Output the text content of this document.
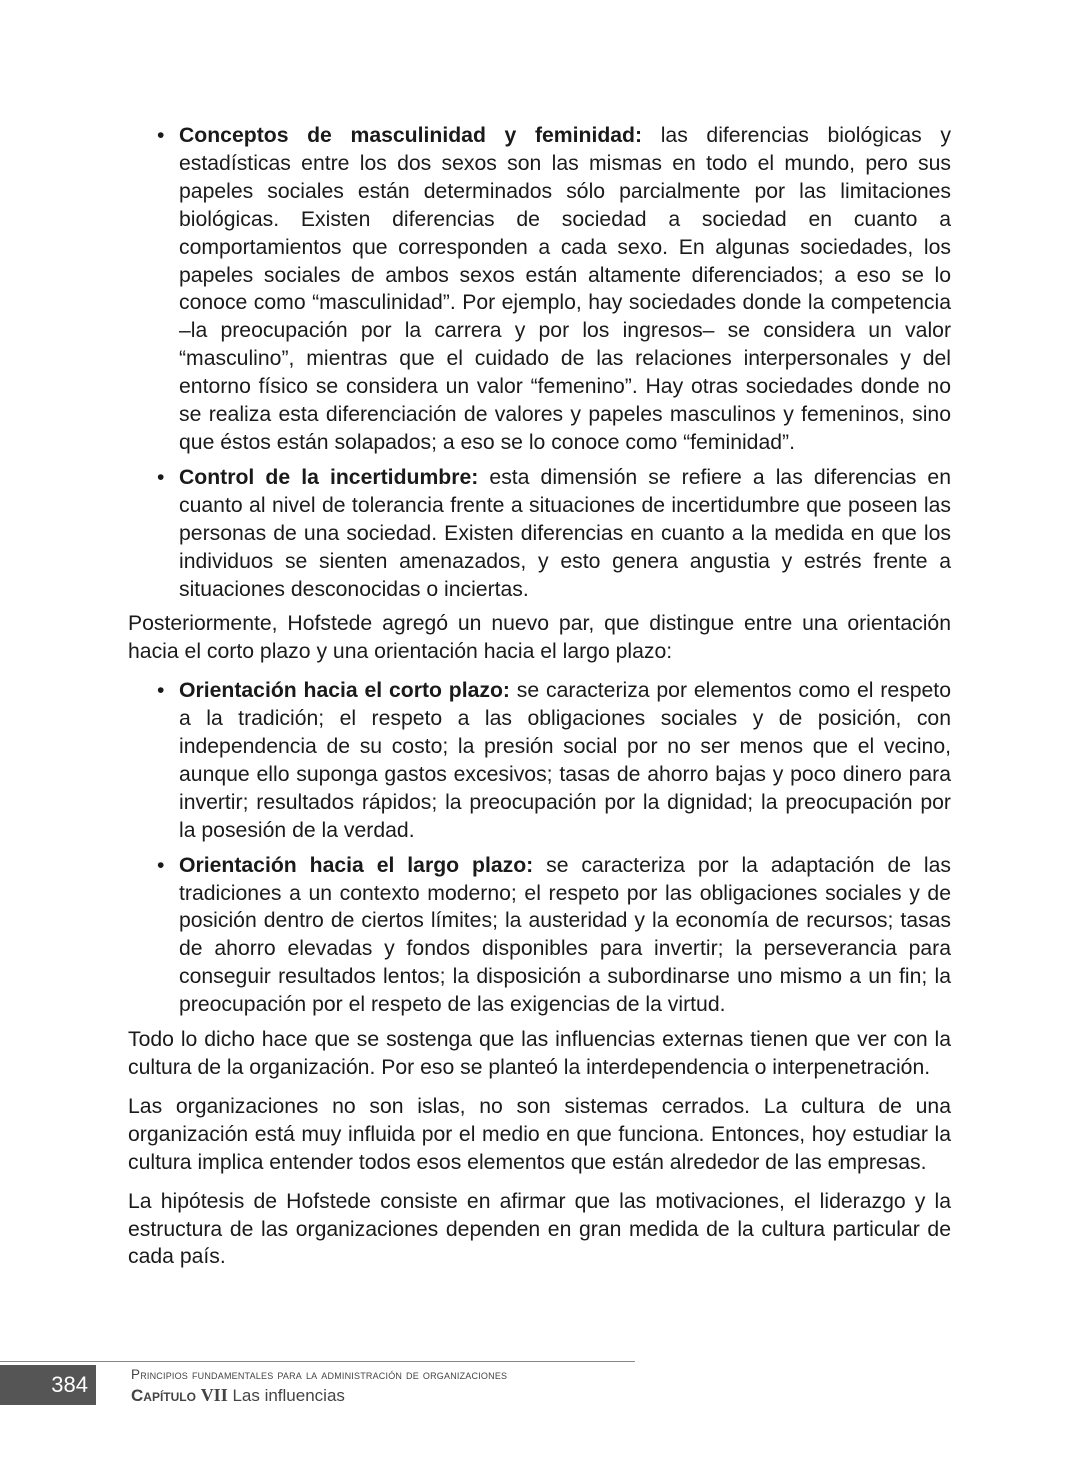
• Conceptos de masculinidad y feminidad: las diferencias biológicas y estadísticas entre los dos sexos son las mismas en todo el mundo, pero sus papeles sociales están determinados sólo parcialmente por las limitaciones biológicas. Existen diferencias de sociedad a sociedad en cuanto a comportamientos que corresponden a cada sexo. En algunas sociedades, los papeles sociales de ambos sexos están altamente diferenciados; a eso se lo conoce como “masculinidad”. Por ejemplo, hay sociedades donde la competencia –la preocupación por la carrera y por los ingresos– se considera un valor “masculino”, mientras que el cuidado de las relaciones interpersonales y del entorno físico se considera un valor “femenino”. Hay otras sociedades donde no se realiza esta diferenciación de valores y papeles masculinos y femeninos, sino que éstos están solapados; a eso se lo conoce como “feminidad”.
• Control de la incertidumbre: esta dimensión se refiere a las diferencias en cuanto al nivel de tolerancia frente a situaciones de incertidumbre que poseen las personas de una sociedad. Existen diferencias en cuanto a la medida en que los individuos se sienten amenazados, y esto genera angustia y estrés frente a situaciones desconocidas o inciertas.

Posteriormente, Hofstede agregó un nuevo par, que distingue entre una orientación hacia el corto plazo y una orientación hacia el largo plazo:

• Orientación hacia el corto plazo: se caracteriza por elementos como el respeto a la tradición; el respeto a las obligaciones sociales y de posición, con independencia de su costo; la presión social por no ser menos que el vecino, aunque ello suponga gastos excesivos; tasas de ahorro bajas y poco dinero para invertir; resultados rápidos; la preocupación por la dignidad; la preocupación por la posesión de la verdad.
• Orientación hacia el largo plazo: se caracteriza por la adaptación de las tradiciones a un contexto moderno; el respeto por las obligaciones sociales y de posición dentro de ciertos límites; la austeridad y la economía de recursos; tasas de ahorro elevadas y fondos disponibles para invertir; la perseverancia para conseguir resultados lentos; la disposición a subordinarse uno mismo a un fin; la preocupación por el respeto de las exigencias de la virtud.

Todo lo dicho hace que se sostenga que las influencias externas tienen que ver con la cultura de la organización. Por eso se planteó la interdependencia o interpenetración.

Las organizaciones no son islas, no son sistemas cerrados. La cultura de una organización está muy influida por el medio en que funciona. Entonces, hoy estudiar la cultura implica entender todos esos elementos que están alrededor de las empresas.

La hipótesis de Hofstede consiste en afirmar que las motivaciones, el liderazgo y la estructura de las organizaciones dependen en gran medida de la cultura particular de cada país.

384	Principios fundamentales para la administración de organizaciones
Capítulo VII Las influencias
